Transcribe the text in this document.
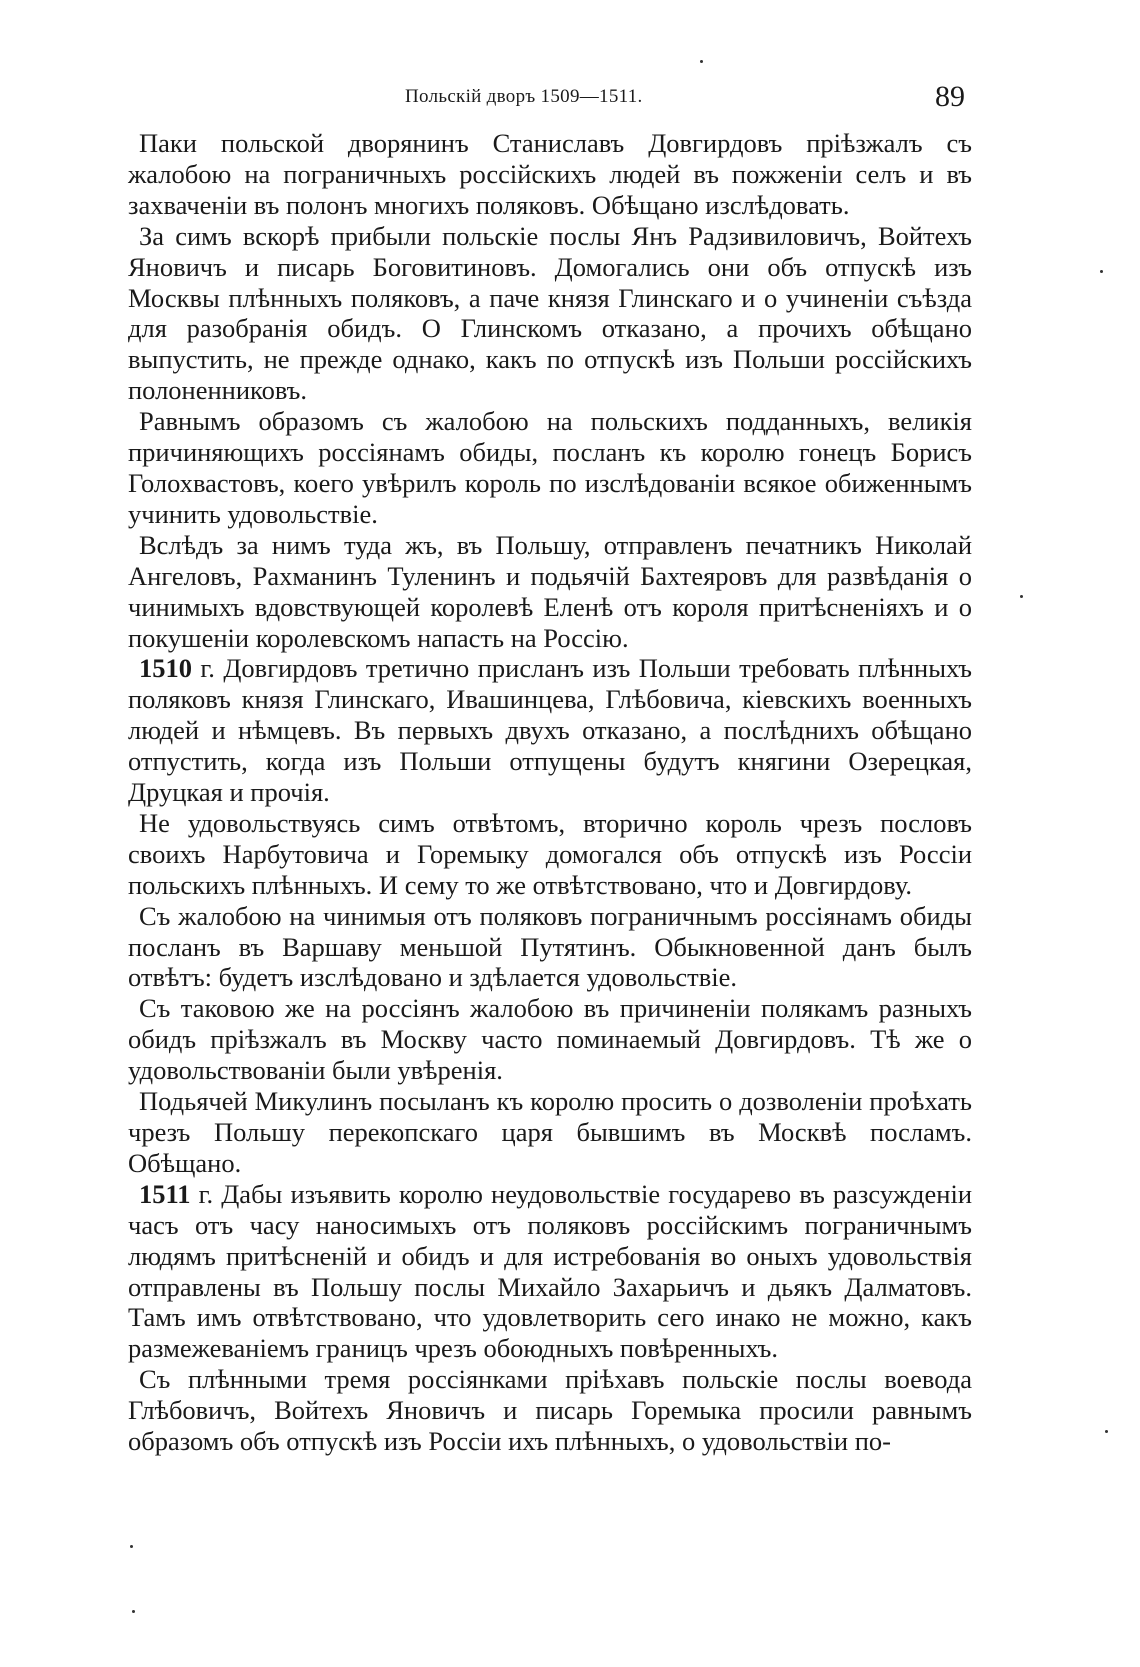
Польскій дворъ 1509—1511.	89

Паки польской дворянинъ Станиславъ Довгирдовъ пріѣзжалъ съ жалобою на пограничныхъ россійскихъ людей въ пожженіи селъ и въ захваченіи въ полонъ многихъ поляковъ. Обѣщано изслѣдовать.

За симъ вскорѣ прибыли польскіе послы Янъ Радзивиловичъ, Войтехъ Яновичъ и писарь Боговитиновъ. Домогались они объ отпускѣ изъ Москвы плѣнныхъ поляковъ, а паче князя Глинскаго и о учиненіи съѣзда для разобранія обидъ. О Глинскомъ отказано, а прочихъ обѣщано выпустить, не прежде однако, какъ по отпускѣ изъ Польши россійскихъ полоненниковъ.

Равнымъ образомъ съ жалобою на польскихъ подданныхъ, великія причиняющихъ россіянамъ обиды, посланъ къ королю гонецъ Борисъ Голохвастовъ, коего увѣрилъ король по изслѣдованіи всякое обиженнымъ учинить удовольствіе.

Вслѣдъ за нимъ туда жъ, въ Польшу, отправленъ печатникъ Николай Ангеловъ, Рахманинъ Туленинъ и подьячій Бахтеяровъ для развѣданія о чинимыхъ вдовствующей королевѣ Еленѣ отъ короля притѣсненіяхъ и о покушеніи королевскомъ напасть на Россію.

1510 г. Довгирдовъ третично присланъ изъ Польши требовать плѣнныхъ поляковъ князя Глинскаго, Ивашинцева, Глѣбовича, кіевскихъ военныхъ людей и нѣмцевъ. Въ первыхъ двухъ отказано, а послѣднихъ обѣщано отпустить, когда изъ Польши отпущены будутъ княгини Озерецкая, Друцкая и прочія.

Не удовольствуясь симъ отвѣтомъ, вторично король чрезъ пословъ своихъ Нарбутовича и Горемыку домогался объ отпускѣ изъ Россіи польскихъ плѣнныхъ. И сему то же отвѣтствовано, что и Довгирдову.

Съ жалобою на чинимыя отъ поляковъ пограничнымъ россіянамъ обиды посланъ въ Варшаву меньшой Путятинъ. Обыкновенной данъ былъ отвѣтъ: будетъ изслѣдовано и здѣлается удовольствіе.

Съ таковою же на россіянъ жалобою въ причиненіи полякамъ разныхъ обидъ пріѣзжалъ въ Москву часто поминаемый Довгирдовъ. Тѣ же о удовольствованіи были увѣренія.

Подьячей Микулинъ посыланъ къ королю просить о дозволеніи проѣхать чрезъ Польшу перекопскаго царя бывшимъ въ Москвѣ посламъ. Обѣщано.

1511 г. Дабы изъявить королю неудовольствіе государево въ разсужденіи часъ отъ часу наносимыхъ отъ поляковъ россійскимъ пограничнымъ людямъ притѣсненій и обидъ и для истребованія во оныхъ удовольствія отправлены въ Польшу послы Михайло Захарьичъ и дьякъ Далматовъ. Тамъ имъ отвѣтствовано, что удовлетворить сего инако не можно, какъ размежеваніемъ границъ чрезъ обоюдныхъ повѣренныхъ.

Съ плѣнными тремя россіянками пріѣхавъ польскіе послы воевода Глѣбовичъ, Войтехъ Яновичъ и писарь Горемыка просили равнымъ образомъ объ отпускѣ изъ Россіи ихъ плѣнныхъ, о удовольствіи по-
